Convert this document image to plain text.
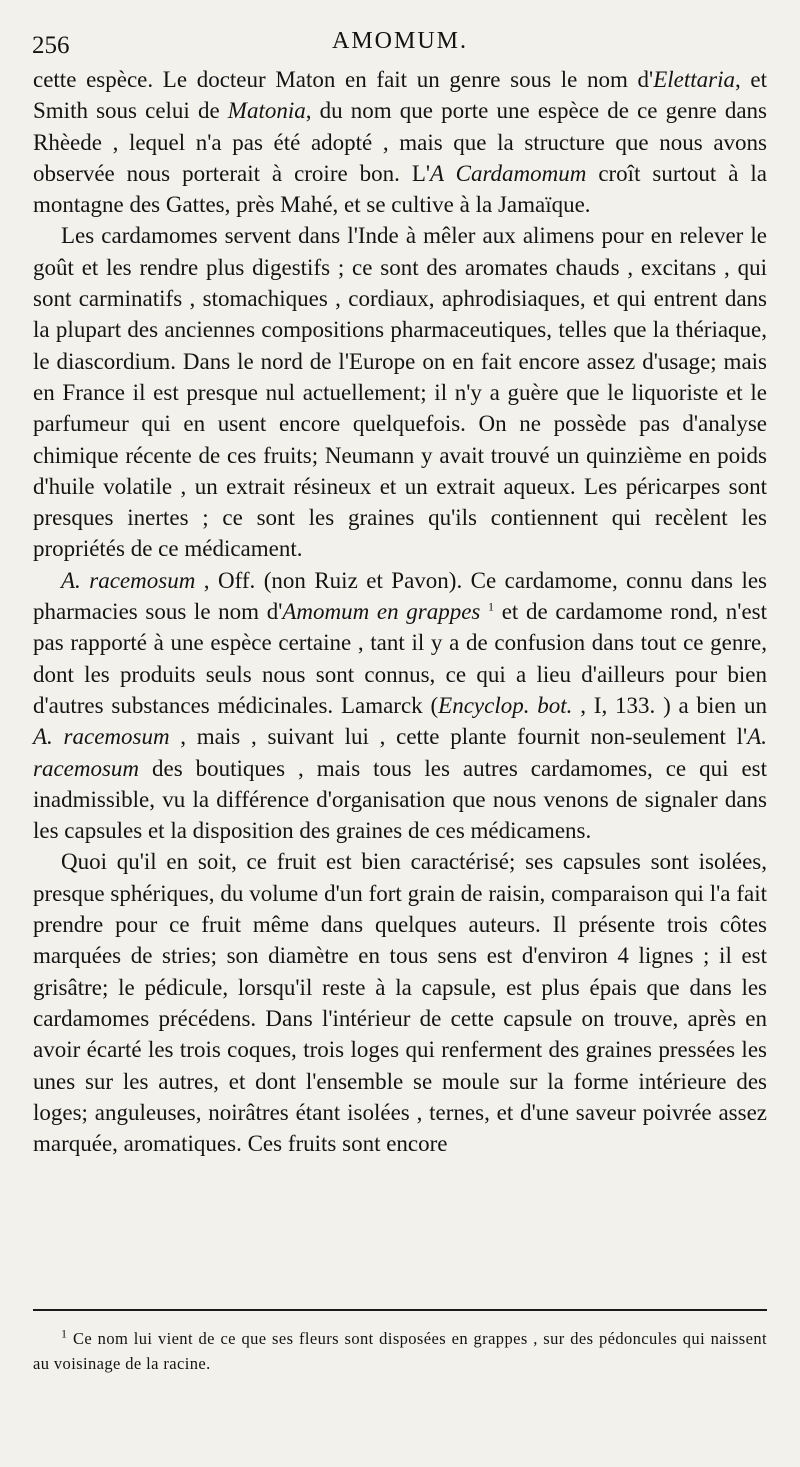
256	AMOMUM.

cette espèce. Le docteur Maton en fait un genre sous le nom d'Elettaria, et Smith sous celui de Matonia, du nom que porte une espèce de ce genre dans Rhèede , lequel n'a pas été adopté , mais que la structure que nous avons observée nous porterait à croire bon. L'A Cardamomum croît surtout à la montagne des Gattes, près Mahé, et se cultive à la Jamaïque.

Les cardamomes servent dans l'Inde à mêler aux alimens pour en relever le goût et les rendre plus digestifs ; ce sont des aromates chauds , excitans , qui sont carminatifs , stomachiques , cordiaux, aphrodisiaques, et qui entrent dans la plupart des anciennes compositions pharmaceutiques, telles que la thériaque, le diascordium. Dans le nord de l'Europe on en fait encore assez d'usage; mais en France il est presque nul actuellement; il n'y a guère que le liquoriste et le parfumeur qui en usent encore quelquefois. On ne possède pas d'analyse chimique récente de ces fruits; Neumann y avait trouvé un quinzième en poids d'huile volatile , un extrait résineux et un extrait aqueux. Les péricarpes sont presques inertes ; ce sont les graines qu'ils contiennent qui recèlent les propriétés de ce médicament.

A. racemosum , Off. (non Ruiz et Pavon). Ce cardamome, connu dans les pharmacies sous le nom d'Amomum en grappes $^1$ et de cardamome rond, n'est pas rapporté à une espèce certaine , tant il y a de confusion dans tout ce genre, dont les produits seuls nous sont connus, ce qui a lieu d'ailleurs pour bien d'autres substances médicinales. Lamarck (Encyclop. bot. , I, 133. ) a bien un A. racemosum , mais , suivant lui , cette plante fournit non-seulement l'A. racemosum des boutiques , mais tous les autres cardamomes, ce qui est inadmissible, vu la différence d'organisation que nous venons de signaler dans les capsules et la disposition des graines de ces médicamens.

Quoi qu'il en soit, ce fruit est bien caractérisé; ses capsules sont isolées, presque sphériques, du volume d'un fort grain de raisin, comparaison qui l'a fait prendre pour ce fruit même dans quelques auteurs. Il présente trois côtes marquées de stries; son diamètre en tous sens est d'environ 4 lignes ; il est grisâtre; le pédicule, lorsqu'il reste à la capsule, est plus épais que dans les cardamomes précédens. Dans l'intérieur de cette capsule on trouve, après en avoir écarté les trois coques, trois loges qui renferment des graines pressées les unes sur les autres, et dont l'ensemble se moule sur la forme intérieure des loges; anguleuses, noirâtres étant isolées , ternes, et d'une saveur poivrée assez marquée, aromatiques. Ces fruits sont encore

$^1$ Ce nom lui vient de ce que ses fleurs sont disposées en grappes , sur des pédoncules qui naissent au voisinage de la racine.
